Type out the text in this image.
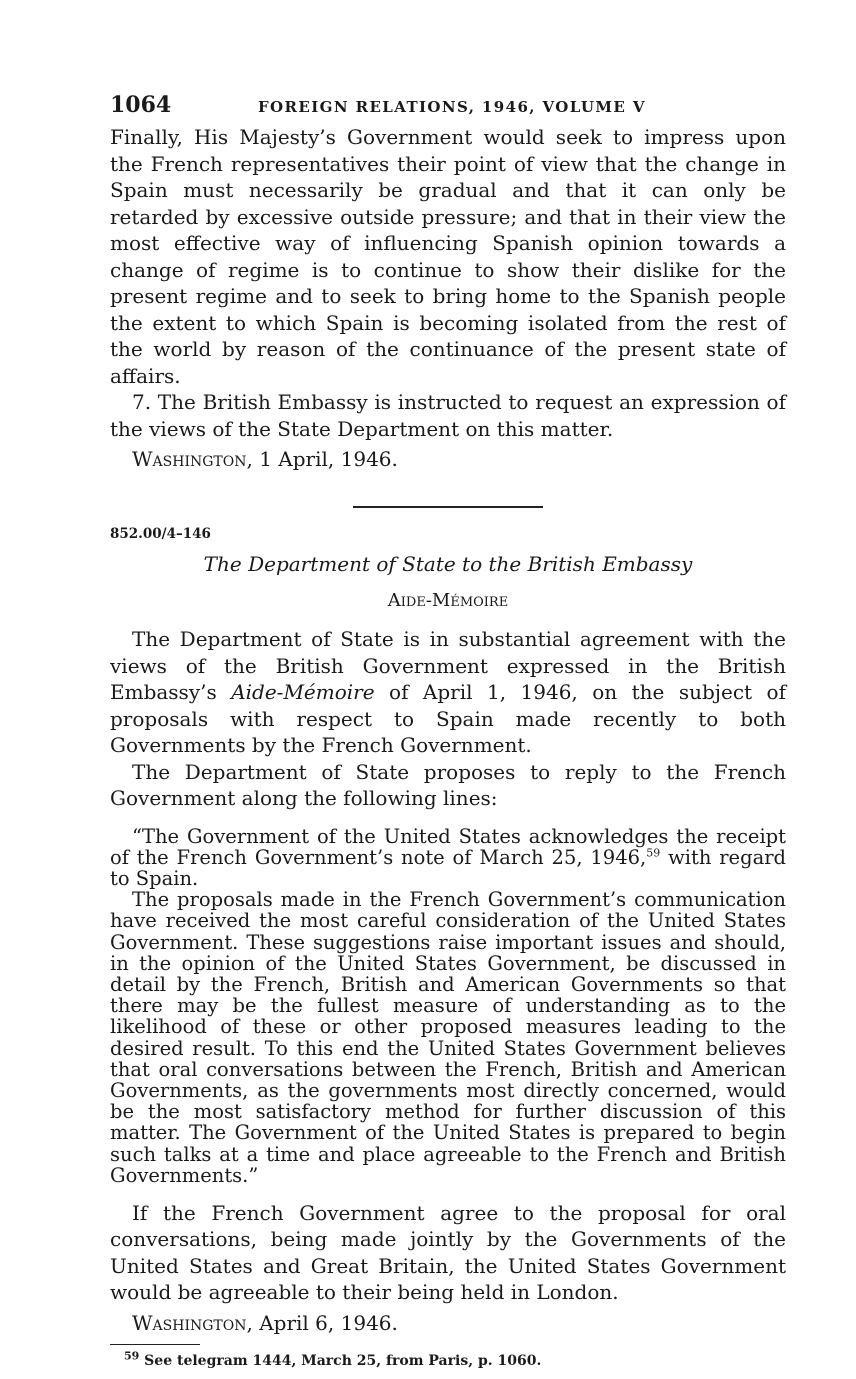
1064	FOREIGN RELATIONS, 1946, VOLUME V

Finally, His Majesty’s Government would seek to impress upon the French representatives their point of view that the change in Spain must necessarily be gradual and that it can only be retarded by excessive outside pressure; and that in their view the most effective way of influencing Spanish opinion towards a change of regime is to continue to show their dislike for the present regime and to seek to bring home to the Spanish people the extent to which Spain is becoming isolated from the rest of the world by reason of the continuance of the present state of affairs.

7. The British Embassy is instructed to request an expression of the views of the State Department on this matter.

Washington, 1 April, 1946.
852.00/4–146
The Department of State to the British Embassy
Aide-Mémoire

The Department of State is in substantial agreement with the views of the British Government expressed in the British Embassy’s Aide-Mémoire of April 1, 1946, on the subject of proposals with respect to Spain made recently to both Governments by the French Government.

The Department of State proposes to reply to the French Government along the following lines:

“The Government of the United States acknowledges the receipt of the French Government’s note of March 25, 1946,59 with regard to Spain.

The proposals made in the French Government’s communication have received the most careful consideration of the United States Government. These suggestions raise important issues and should, in the opinion of the United States Government, be discussed in detail by the French, British and American Governments so that there may be the fullest measure of understanding as to the likelihood of these or other proposed measures leading to the desired result. To this end the United States Government believes that oral conversations between the French, British and American Governments, as the governments most directly concerned, would be the most satisfactory method for further discussion of this matter. The Government of the United States is prepared to begin such talks at a time and place agreeable to the French and British Governments.”

If the French Government agree to the proposal for oral conversations, being made jointly by the Governments of the United States and Great Britain, the United States Government would be agreeable to their being held in London.

Washington, April 6, 1946.
$^{59}$ See telegram 1444, March 25, from Paris, p. 1060.
